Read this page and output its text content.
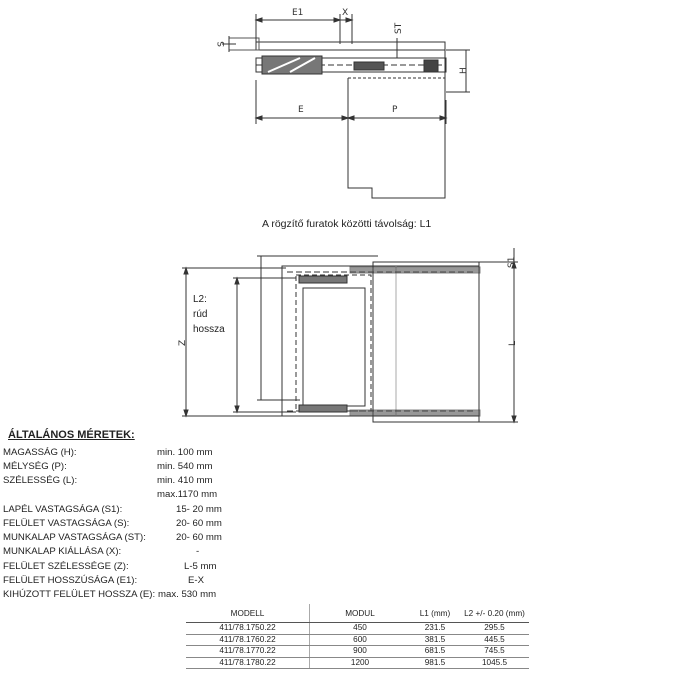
E1	X
ST
S
H
E	P
Z	L
S1
A rögzítő furatok közötti távolság: L1
L2:
rúd
hossza
ÁLTALÁNOS MÉRETEK:
MAGASSÁG (H):	min. 100 mm
MÉLYSÉG (P):	min. 540 mm
SZÉLESSÉG (L):	min. 410 mm
max.1170 mm
LAPÉL VASTAGSÁGA (S1):	15- 20 mm
FELÜLET VASTAGSÁGA (S):	20- 60 mm
MUNKALAP VASTAGSÁGA (ST):	20- 60 mm
MUNKALAP KIÁLLÁSA (X):	-
FELÜLET SZÉLESSÉGE (Z):	L-5 mm
FELÜLET HOSSZÚSÁGA (E1):	E-X
KIHÚZOTT FELÜLET HOSSZA (E): max. 530 mm
MODELL	MODUL	L1 (mm)	L2 +/- 0.20 (mm)
411/78.1750.22	450	231.5	295.5
411/78.1760.22	600	381.5	445.5
411/78.1770.22	900	681.5	745.5
411/78.1780.22	1200	981.5	1045.5
